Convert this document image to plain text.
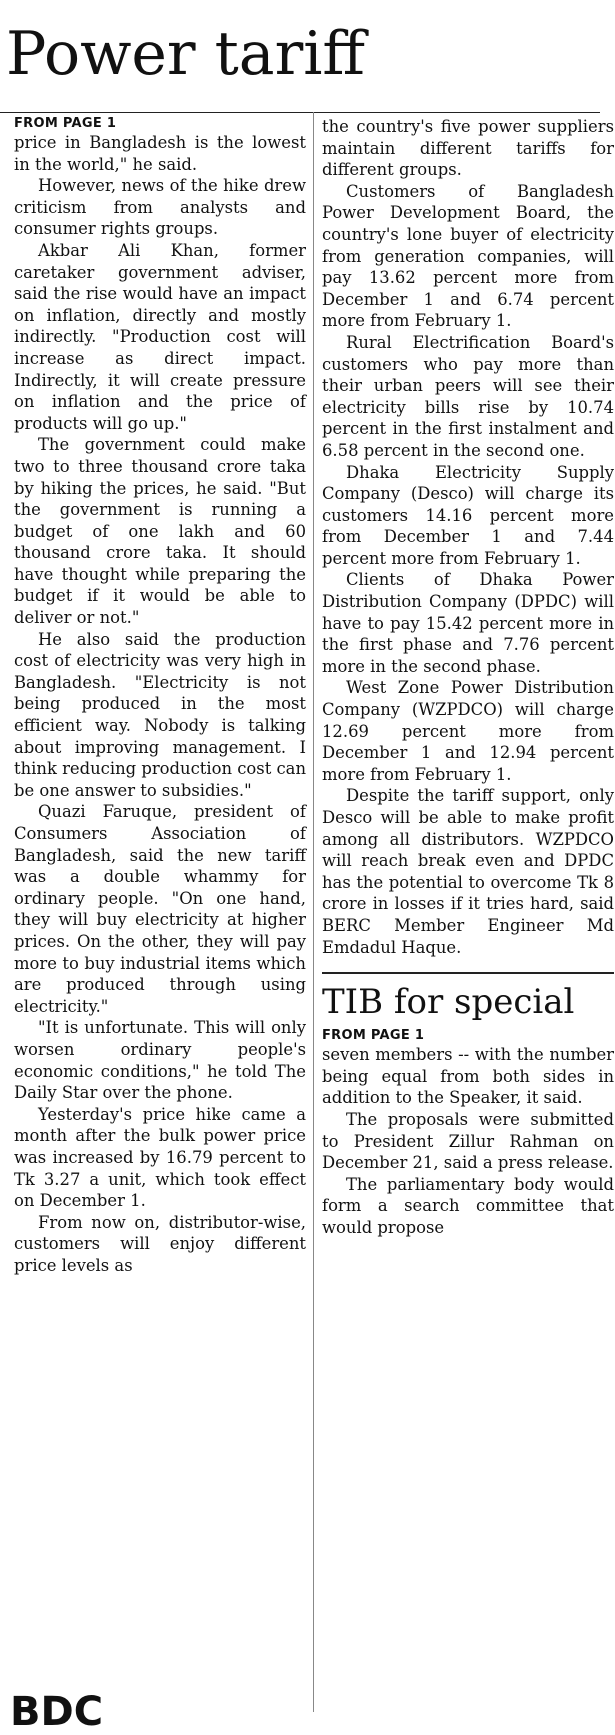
Power tariff

FROM PAGE 1

price in Bangladesh is the lowest in the world," he said.

However, news of the hike drew criticism from analysts and consumer rights groups.

Akbar Ali Khan, former caretaker government adviser, said the rise would have an impact on inflation, directly and mostly indirectly. "Production cost will increase as direct impact. Indirectly, it will create pressure on inflation and the price of products will go up."

The government could make two to three thousand crore taka by hiking the prices, he said. "But the government is running a budget of one lakh and 60 thousand crore taka. It should have thought while preparing the budget if it would be able to deliver or not."

He also said the production cost of electricity was very high in Bangladesh. "Electricity is not being produced in the most efficient way. Nobody is talking about improving management. I think reducing production cost can be one answer to subsidies."

Quazi Faruque, president of Consumers Association of Bangladesh, said the new tariff was a double whammy for ordinary people. "On one hand, they will buy electricity at higher prices. On the other, they will pay more to buy industrial items which are produced through using electricity."

"It is unfortunate. This will only worsen ordinary people's economic conditions," he told The Daily Star over the phone.

Yesterday's price hike came a month after the bulk power price was increased by 16.79 percent to Tk 3.27 a unit, which took effect on December 1.

From now on, distributor-wise, customers will enjoy different price levels as

the country's five power suppliers maintain different tariffs for different groups.

Customers of Bangladesh Power Development Board, the country's lone buyer of electricity from generation companies, will pay 13.62 percent more from December 1 and 6.74 percent more from February 1.

Rural Electrification Board's customers who pay more than their urban peers will see their electricity bills rise by 10.74 percent in the first instalment and 6.58 percent in the second one.

Dhaka Electricity Supply Company (Desco) will charge its customers 14.16 percent more from December 1 and 7.44 percent more from February 1.

Clients of Dhaka Power Distribution Company (DPDC) will have to pay 15.42 percent more in the first phase and 7.76 percent more in the second phase.

West Zone Power Distribution Company (WZPDCO) will charge 12.69 percent more from December 1 and 12.94 percent more from February 1.

Despite the tariff support, only Desco will be able to make profit among all distributors. WZPDCO will reach break even and DPDC has the potential to overcome Tk 8 crore in losses if it tries hard, said BERC Member Engineer Md Emdadul Haque.

TIB for special

FROM PAGE 1

seven members -- with the number being equal from both sides in addition to the Speaker, it said.

The proposals were submitted to President Zillur Rahman on December 21, said a press release.

The parliamentary body would form a search committee that would propose

BDC
